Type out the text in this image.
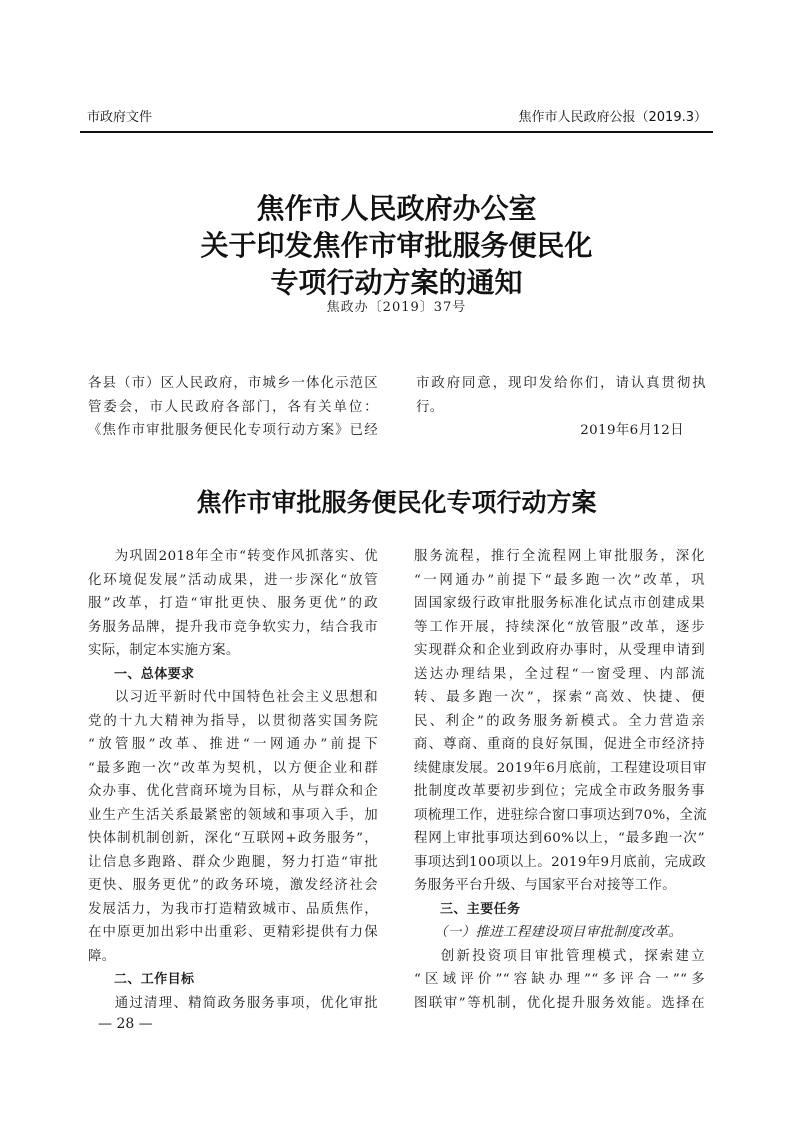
市政府文件	焦作市人民政府公报（2019.3）
焦作市人民政府办公室
关于印发焦作市审批服务便民化
专项行动方案的通知
焦政办〔2019〕37号
各县（市）区人民政府，市城乡一体化示范区
管委会，市人民政府各部门，各有关单位：
《焦作市审批服务便民化专项行动方案》已经
市政府同意，现印发给你们，请认真贯彻执
行。
2019年6月12日
焦作市审批服务便民化专项行动方案
为巩固2018年全市“转变作风抓落实、优
化环境促发展”活动成果，进一步深化“放管
服”改革，打造“审批更快、服务更优”的政
务服务品牌，提升我市竞争软实力，结合我市
实际，制定本实施方案。
一、总体要求
以习近平新时代中国特色社会主义思想和
党的十九大精神为指导，以贯彻落实国务院
“放管服”改革、推进“一网通办”前提下
“最多跑一次”改革为契机，以方便企业和群
众办事、优化营商环境为目标，从与群众和企
业生产生活关系最紧密的领域和事项入手，加
快体制机制创新，深化“互联网+政务服务”，
让信息多跑路、群众少跑腿，努力打造“审批
更快、服务更优”的政务环境，激发经济社会
发展活力，为我市打造精致城市、品质焦作，
在中原更加出彩中出重彩、更精彩提供有力保
障。
二、工作目标
通过清理、精简政务服务事项，优化审批
服务流程，推行全流程网上审批服务，深化
“一网通办”前提下“最多跑一次”改革，巩
固国家级行政审批服务标准化试点市创建成果
等工作开展，持续深化“放管服”改革，逐步
实现群众和企业到政府办事时，从受理申请到
送达办理结果，全过程“一窗受理、内部流
转、最多跑一次”，探索“高效、快捷、便
民、利企”的政务服务新模式。全力营造亲
商、尊商、重商的良好氛围，促进全市经济持
续健康发展。2019年6月底前，工程建设项目审
批制度改革要初步到位；完成全市政务服务事
项梳理工作，进驻综合窗口事项达到70%，全流
程网上审批事项达到60%以上，“最多跑一次”
事项达到100项以上。2019年9月底前，完成政
务服务平台升级、与国家平台对接等工作。
三、主要任务
（一）推进工程建设项目审批制度改革。
创新投资项目审批管理模式，探索建立
“区域评价”“容缺办理”“多评合一”“多
图联审”等机制，优化提升服务效能。选择在
— 28 —
